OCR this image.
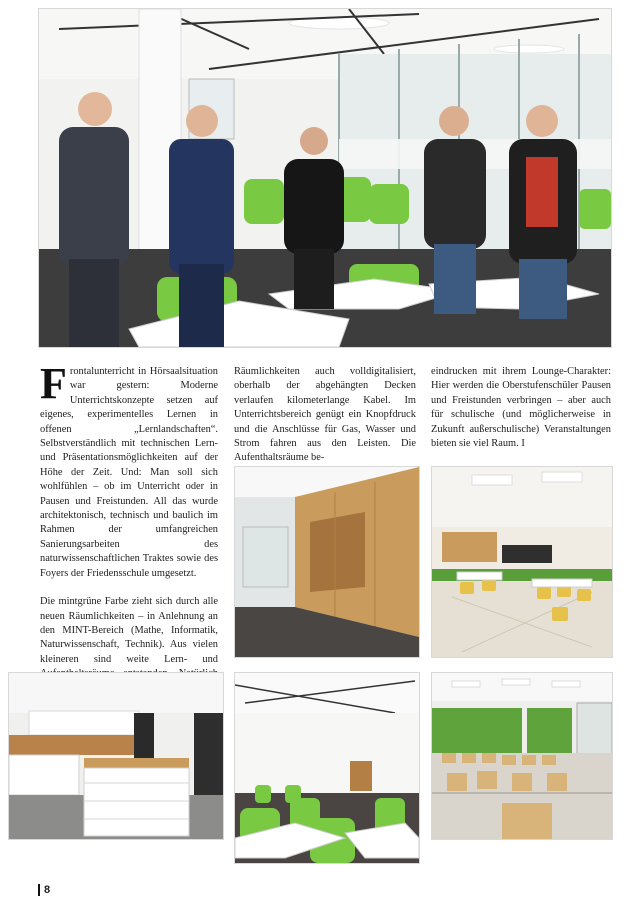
Frontalunterricht in Hörsaalsituation war gestern: Moderne Unterrichtskonzepte setzen auf eigenes, experimentelles Lernen in offenen „Lernlandschaften“. Selbstverständlich mit technischen Lern- und Präsentationsmöglichkeiten auf der Höhe der Zeit. Und: Man soll sich wohlfühlen – ob im Unterricht oder in Pausen und Freistunden. All das wurde architektonisch, technisch und baulich im Rahmen der umfangreichen Sanierungsarbeiten des naturwissenschaftlichen Traktes sowie des Foyers der Friedensschule umgesetzt.

Die mintgrüne Farbe zieht sich durch alle neuen Räumlichkeiten – in Anlehnung an den MINT-Bereich (Mathe, Informatik, Naturwissenschaft, Technik). Aus vielen kleineren sind weite Lern- und

Räumlichkeiten auch volldigitalisiert, oberhalb der abgehängten Decken verlaufen kilometerlange Kabel. Im Unterrichtsbereich genügt ein Knopfdruck und die Anschlüsse für Gas, Wasser und Strom fahren aus den Leisten. Die Aufenthaltsräume be-

eindrucken mit ihrem Lounge-Charakter: Hier werden die Oberstufenschüler Pausen und Freistunden verbringen – aber auch für schulische (und möglicherweise in Zukunft außerschulische) Veranstaltungen bieten sie viel Raum. I

8
